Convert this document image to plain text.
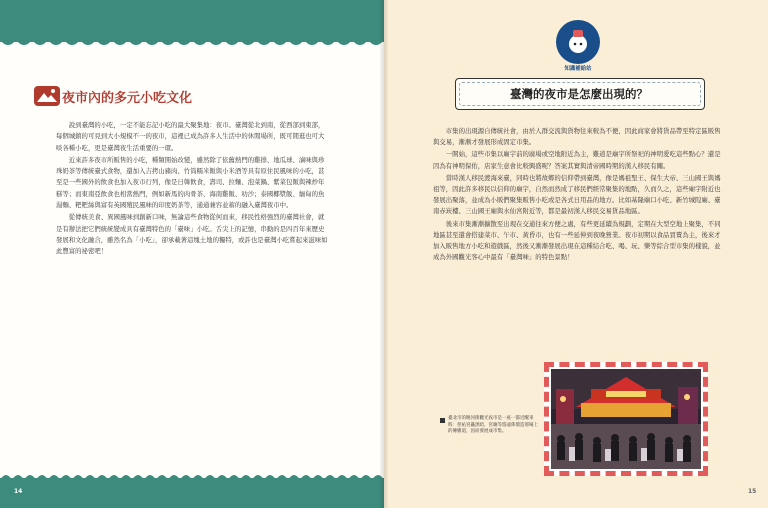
夜市內的多元小吃文化

說到臺灣的小吃，一定不能忘記小吃的最大聚集地：夜市。臺灣從北到南，從西部到東部，每個城鎮的可見到大小規模不一的夜市，這裡已成為許多人生活中的休閒場所，既可閒逛也可大啖各種小吃，更是臺灣夜生活重要的一環。

近來許多夜市所販售的小吃，種類開始改變，雖然除了依舊熱門的雞排、地瓜球、滷味與珍珠奶茶等傳統臺式食物，還加入吉拷山豬肉、竹筒糯米飯與小米酒等具有原住民風味的小吃，甚至是一些國外的飲食也加入夜市行列，像是日韓飲食，壽司、拉麵、泡菜鍋、紫菜包飯與辣炒年糕等；而東南亞飲食也相當熱門，例如新馬的肉骨茶、海南雞飯、叻沙；泰國椰漿飯、緬甸的魚湯麵、粑粑絲與富有英國殖民風味的印度奶茶等，通通兼容並蓄的融入臺灣夜市中。

從傳統美食、異國風味到創新口味，無論這些食物從何而來，移民性格強烈的臺灣社會，就是有辦法把它們統統變成具有臺灣特色的「臺味」小吃。舌尖上的記憶，串動的是四百年來歷史發展和文化融合，雖然名為「小吃」，卻承載著這塊土地的獨特，或許也是臺灣小吃嘗起來滋味如此豐富的祕密吧！

14
知識補給站
臺灣的夜市是怎麼出現的？

市集的出現源自傳統社會，由於人群交流與貨物往來較為不便，因此商家會將貨品帶至特定區販售與交易，漸漸才發展形成固定市集。

一開始，這些市集以廟宇前的廣場或空地附近為主，難道是廟宇所祭祀的神明愛吃這些點心？還是因為有神明保佑，店家生意會比較興盛呢？答案其實與清帝國時期的漢人移民有關。

當時漢人移民渡海來臺，同時也將故鄉的信仰帶到臺灣，像是媽祖聖王、保生大帝、三山國王與媽祖等，因此許多移民以信仰的廟宇，自然而然成了移民們經常聚集的地點，久而久之，這些廟宇附近也發展出聚落，並成為小販們聚集販售小吃或是各式日用品的地方。比如基隆廟口小吃、新竹城隍廟、臺南赤崁樓、三山國王廟與水仙宮附近等，都是最初漢人移民交易貨品地區。

後來市集漸漸擴散至出現在交通往來方便之處，有些更延續為規劃，定期在大型空地上聚集，不同地區甚至還會搭建菜市、午市、黃昏市，也有一些延伸到夜晚營業。夜市初期以食品買賣為主，後來才加入販售地方小吃和遊戲區，然後又漸漸發展出現在這種結合吃、喝、玩、樂等綜合型市集的樣貌，並成為外國觀光客心中最有「臺灣味」的特色景點！

臺北市的饒河街觀光夜市是一座一都近醒來時：慈祐宮矗黑暗，宮廟等悠遠佈壇造那場上的傳播道，因而發展成市集。
15
